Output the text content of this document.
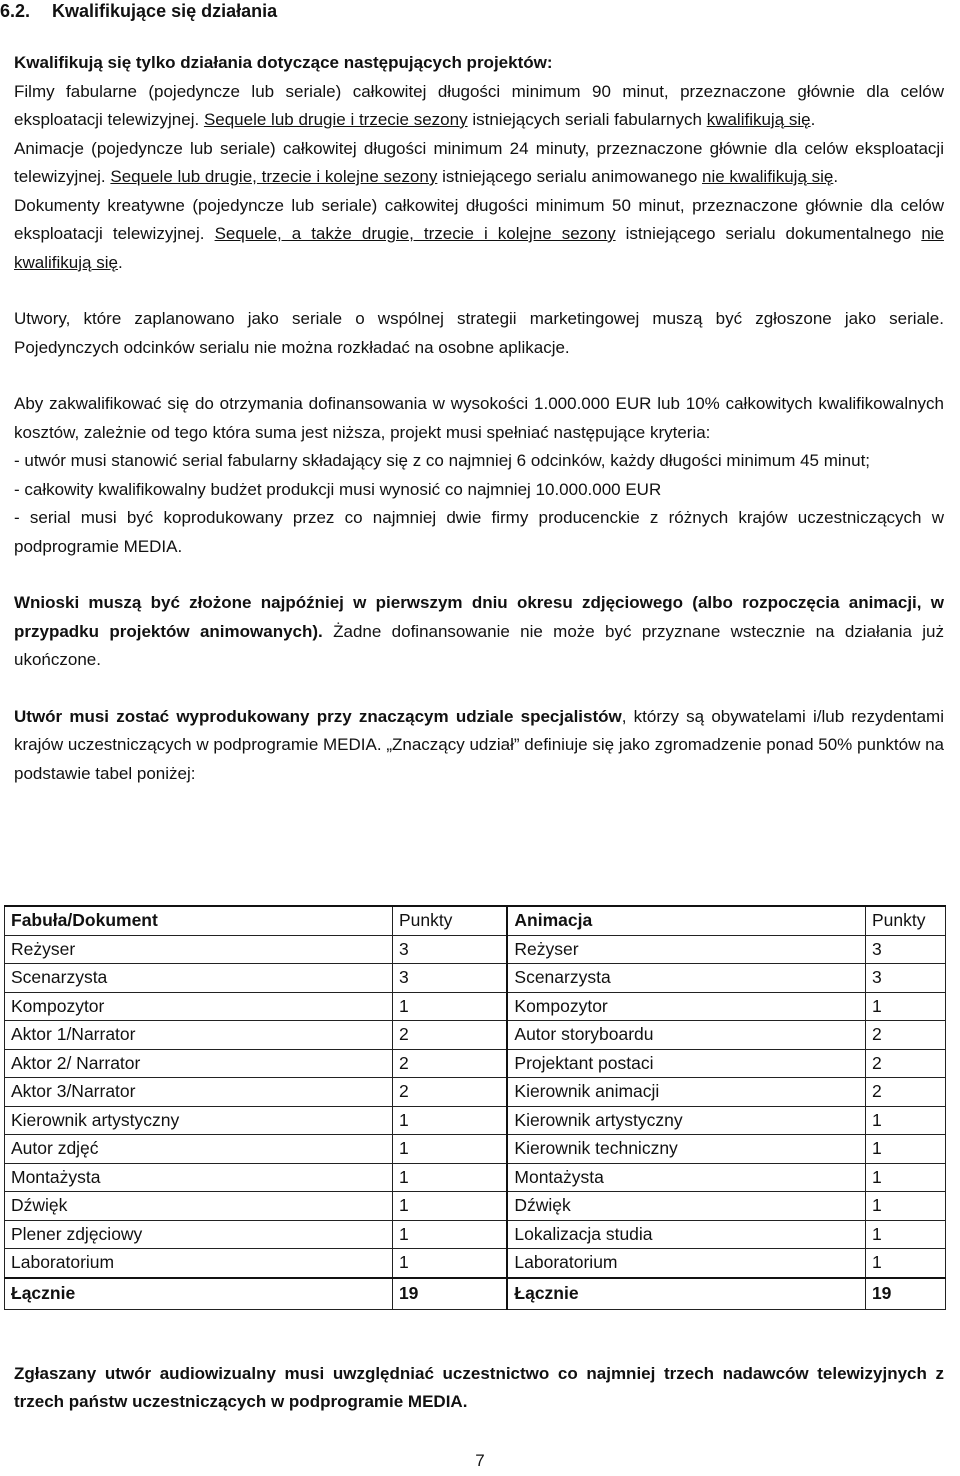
6.2. Kwalifikujące się działania

Kwalifikują się tylko działania dotyczące następujących projektów:

Filmy fabularne (pojedyncze lub seriale) całkowitej długości minimum 90 minut, przeznaczone głównie dla celów eksploatacji telewizyjnej. Sequele lub drugie i trzecie sezony istniejących seriali fabularnych kwalifikują się.

Animacje (pojedyncze lub seriale) całkowitej długości minimum 24 minuty, przeznaczone głównie dla celów eksploatacji telewizyjnej. Sequele lub drugie, trzecie i kolejne sezony istniejącego serialu animowanego nie kwalifikują się.

Dokumenty kreatywne (pojedyncze lub seriale) całkowitej długości minimum 50 minut, przeznaczone głównie dla celów eksploatacji telewizyjnej. Sequele, a także drugie, trzecie i kolejne sezony istniejącego serialu dokumentalnego nie kwalifikują się.

Utwory, które zaplanowano jako seriale o wspólnej strategii marketingowej muszą być zgłoszone jako seriale. Pojedynczych odcinków serialu nie można rozkładać na osobne aplikacje.

Aby zakwalifikować się do otrzymania dofinansowania w wysokości 1.000.000 EUR lub 10% całkowitych kwalifikowalnych kosztów, zależnie od tego która suma jest niższa, projekt musi spełniać następujące kryteria:

- utwór musi stanowić serial fabularny składający się z co najmniej 6 odcinków, każdy długości minimum 45 minut;

- całkowity kwalifikowalny budżet produkcji musi wynosić co najmniej 10.000.000 EUR

- serial musi być koprodukowany przez co najmniej dwie firmy producenckie z różnych krajów uczestniczących w podprogramie MEDIA.

Wnioski muszą być złożone najpóźniej w pierwszym dniu okresu zdjęciowego (albo rozpoczęcia animacji, w przypadku projektów animowanych). Żadne dofinansowanie nie może być przyznane wstecznie na działania już ukończone.

Utwór musi zostać wyprodukowany przy znaczącym udziale specjalistów, którzy są obywatelami i/lub rezydentami krajów uczestniczących w podprogramie MEDIA. „Znaczący udział” definiuje się jako zgromadzenie ponad 50% punktów na podstawie tabel poniżej:

Fabuła/Dokument	Punkty	Animacja	Punkty
Reżyser	3	Reżyser	3
Scenarzysta	3	Scenarzysta	3
Kompozytor	1	Kompozytor	1
Aktor 1/Narrator	2	Autor storyboardu	2
Aktor 2/ Narrator	2	Projektant postaci	2
Aktor 3/Narrator	2	Kierownik animacji	2
Kierownik artystyczny	1	Kierownik artystyczny	1
Autor zdjęć	1	Kierownik techniczny	1
Montażysta	1	Montażysta	1
Dźwięk	1	Dźwięk	1
Plener zdjęciowy	1	Lokalizacja studia	1
Laboratorium	1	Laboratorium	1
Łącznie	19	Łącznie	19

Zgłaszany utwór audiowizualny musi uwzględniać uczestnictwo co najmniej trzech nadawców telewizyjnych z trzech państw uczestniczących w podprogramie MEDIA.

7
